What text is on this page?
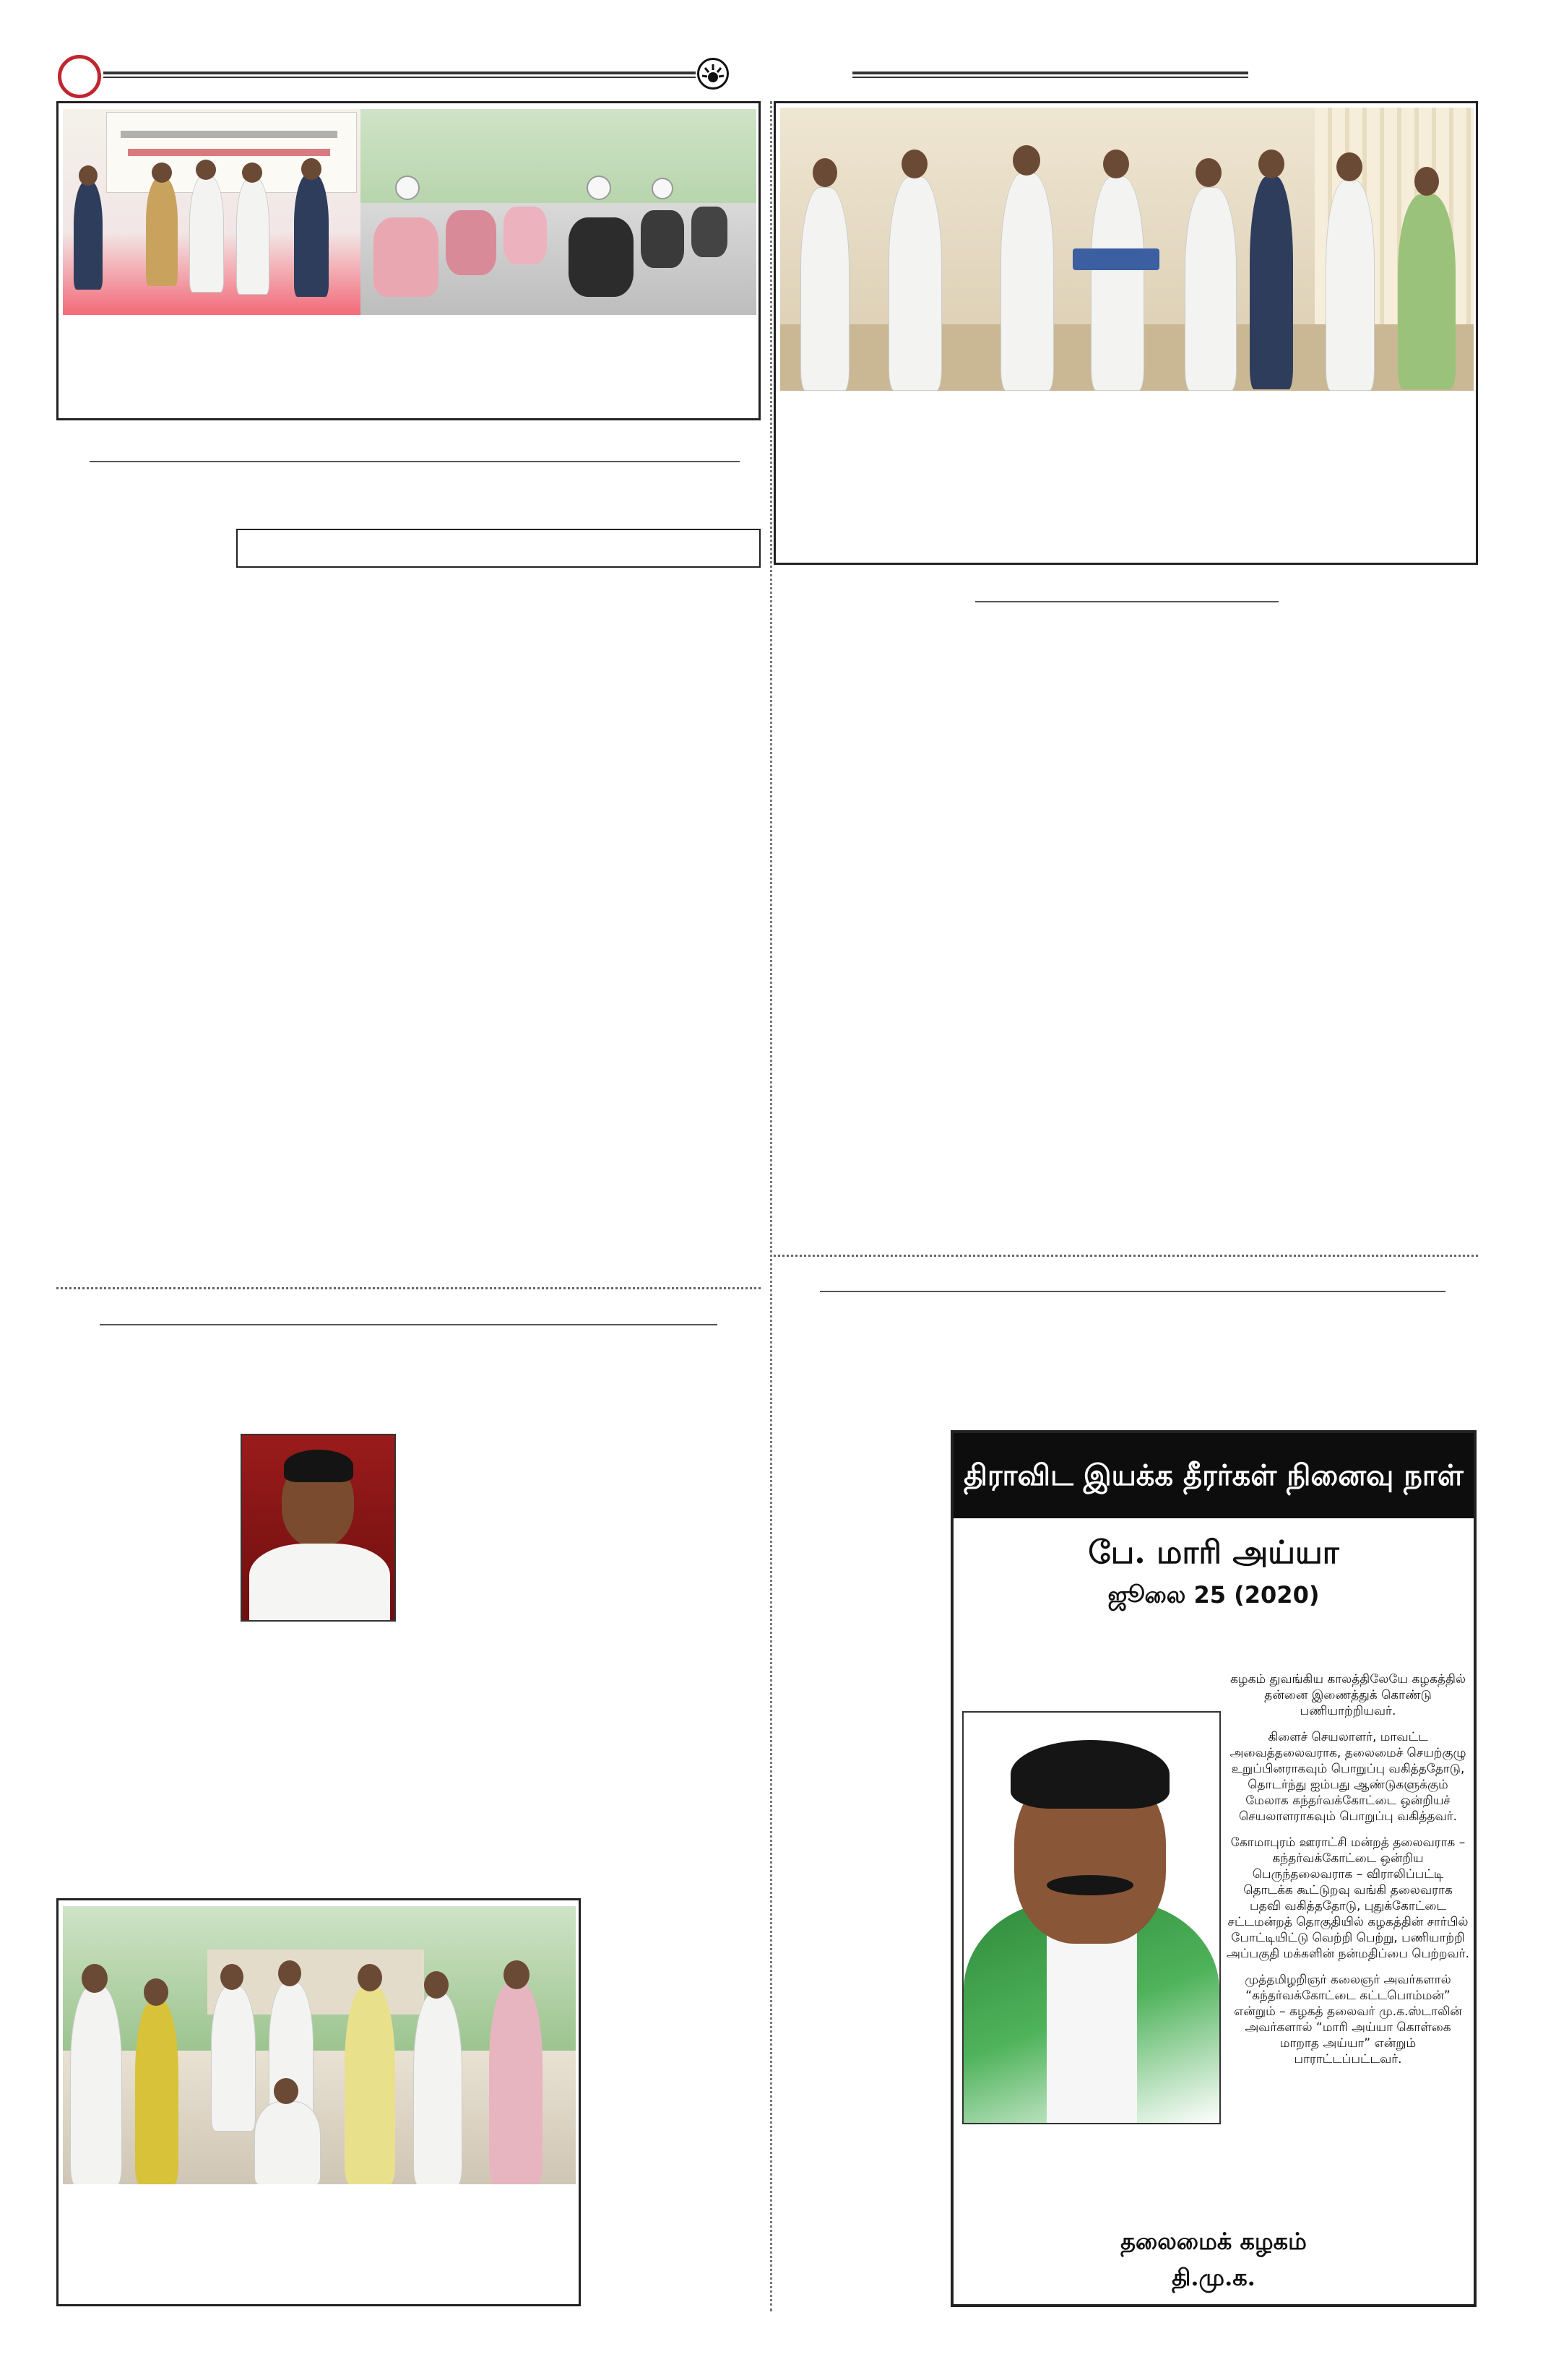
திராவிட இயக்க தீரர்கள் நினைவு நாள்
பே. மாரி அய்யா
ஜூலை 25 (2020)

கழகம் துவங்கிய காலத்திலேயே கழகத்தில் தன்னை இணைத்துக் கொண்டு பணியாற்றியவர்.

கிளைச் செயலாளர், மாவட்ட அவைத்தலைவராக, தலைமைச் செயற்குழு உறுப்பினராகவும் பொறுப்பு வகித்ததோடு, தொடர்ந்து ஐம்பது ஆண்டுகளுக்கும் மேலாக கந்தர்வக்கோட்டை ஒன்றியச் செயலாளராகவும் பொறுப்பு வகித்தவர்.

கோமாபுரம் ஊராட்சி மன்றத் தலைவராக – கந்தர்வக்கோட்டை ஒன்றிய பெருந்தலைவராக – விராலிப்பட்டி தொடக்க கூட்டுறவு வங்கி தலைவராக பதவி வகித்ததோடு, புதுக்கோட்டை சட்டமன்றத் தொகுதியில் கழகத்தின் சார்பில் போட்டியிட்டு வெற்றி பெற்று, பணியாற்றி அப்பகுதி மக்களின் நன்மதிப்பை பெற்றவர்.

முத்தமிழறிஞர் கலைஞர் அவர்களால் “கந்தர்வக்கோட்டை கட்டபொம்மன்” என்றும் – கழகத் தலைவர் மு.க.ஸ்டாலின் அவர்களால் “மாரி அய்யா கொள்கை மாறாத அய்யா” என்றும் பாராட்டப்பட்டவர்.

தலைமைக் கழகம்
தி.மு.க.
